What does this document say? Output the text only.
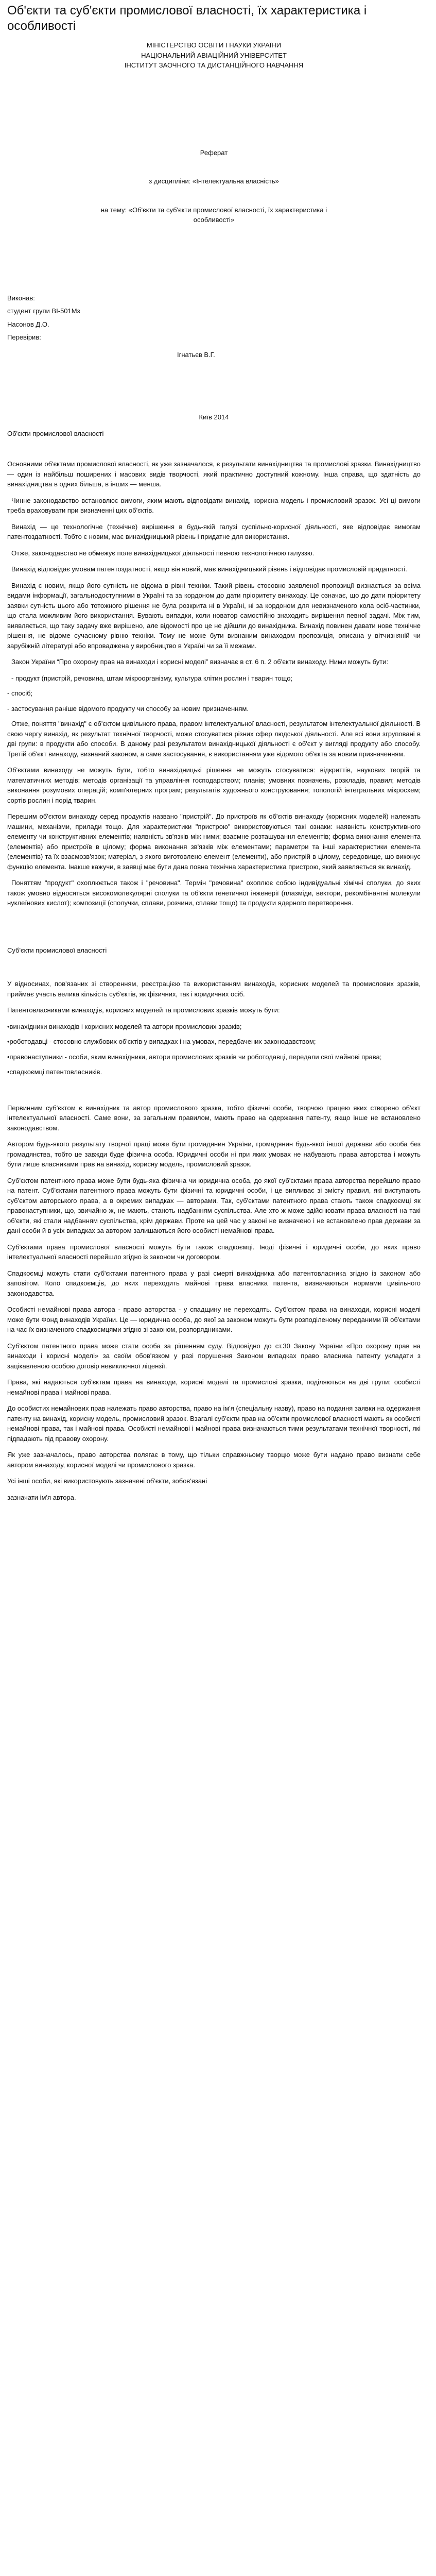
Об'єкти та суб'єкти промислової власності, їх характеристика і особливості

МІНІСТЕРСТВО ОСВІТИ І НАУКИ УКРАЇНИ

НАЦІОНАЛЬНИЙ АВІАЦІЙНИЙ УНІВЕРСИТЕТ

ІНСТИТУТ ЗАОЧНОГО ТА ДИСТАНЦІЙНОГО НАВЧАННЯ

Реферат

з дисципліни: «Інтелектуальна власність»

на тему: «Об'єкти та суб'єкти промислової власності, їх характеристика і особливості»

Виконав:

студент групи ВІ-501Мз

Насонов Д.О.

Перевірив:

Ігнатьєв В.Г.

Київ 2014

Об'єкти промислової власності

Основними об'єктами промислової власності, як уже зазначалося, є результати винахідництва та промислові зразки. Винахідництво — один із найбільш поширених і масових видів творчості, який практично доступний кожному. Інша справа, що здатність до винахідництва в одних більша, в інших — менша.

Чинне законодавство встановлює вимоги, яким мають відповідати винахід, корисна модель і промисловий зразок. Усі ці вимоги треба враховувати при визначенні цих об'єктів.

Винахід — це технологічне (технічне) вирішення в будь-якій галузі суспільно-корисної діяльності, яке відповідає вимогам патентоздатності. Тобто є новим, має винахідницький рівень і придатне для використання.

Отже, законодавство не обмежує поле винахідницької діяльності певною технологічною галуззю.

Винахід відповідає умовам патентоздатності, якщо він новий, має винахідницький рівень і відповідає промисловій придатності.

Винахід є новим, якщо його сутність не відома в рівні техніки. Такий рівень стосовно заявленої пропозиції визнається за всіма видами інформації, загальнодоступними в Україні та за кордоном до дати пріоритету винаходу. Це означає, що до дати пріоритету заявки сутність цього або тотожного рішення не була розкрита ні в Україні, ні за кордоном для невизначеного кола осіб-частинки, що стала можливим його використання. Бувають випадки, коли новатор самостійно знаходить вирішення певної задачі. Між тим, виявляється, що таку задачу вже вирішено, але відомості про це не дійшли до винахідника. Винахід повинен давати нове технічне рішення, не відоме сучасному рівню техніки. Тому не може бути визнаним винаходом пропозиція, описана у вітчизняній чи зарубіжній літературі або впроваджена у виробництво в Україні чи за її межами.

Закон України “Про охорону прав на винаходи і корисні моделі” визначає в ст. 6 п. 2 об'єкти винаходу. Ними можуть бути:

- продукт (пристрій, речовина, штам мікроорганізму, культура клітин рослин і тварин тощо;

- спосіб;

- застосування раніше відомого продукту чи способу за новим призначенням.

Отже, поняття "винахід" є об'єктом цивільного права, правом інтелектуальної власності, результатом інтелектуальної діяльності. В свою чергу винахід, як результат технічної творчості, може стосуватися різних сфер людської діяльності. Але всі вони згруповані в дві групи: в продукти або способи. В даному разі результатом винахідницької діяльності є об'єкт у вигляді продукту або способу. Третій об'єкт винаходу, визнаний законом, а саме застосування, є використанням уже відомого об'єкта за новим призначенням.

Об'єктами винаходу не можуть бути, тобто винахідницькі рішення не можуть стосуватися: відкриттів, наукових теорій та математичних методів; методів організації та управління господарством; планів; умовних позначень, розкладів, правил; методів виконання розумових операцій; комп'ютерних програм; результатів художнього конструювання; топологій інтегральних мікросхем; сортів рослин і порід тварин.

Перешим об'єктом винаходу серед продуктів названо "пристрій". До пристроїв як об'єктів винаходу (корисних моделей) належать машини, механізми, прилади тощо. Для характеристики "пристрою" використовуються такі ознаки: наявність конструктивного елементу чи конструктивних елементів; наявність зв'язків між ними; взаємне розташування елементів; форма виконання елемента (елементів) або пристроїв в цілому; форма виконання зв'язків між елементами; параметри та інші характеристики елемента (елементів) та їх взаємозв'язок; матеріал, з якого виготовлено елемент (елементи), або пристрій в цілому, середовище, що виконує функцію елемента. Інакше кажучи, в заявці має бути дана повна технічна характеристика пристрою, який заявляється як винахід.

Поняттям "продукт" охоплюється також і "речовина". Термін "речовина" охоплює собою індивідуальні хімічні сполуки, до яких також умовно відносяться високомолекулярні сполуки та об'єкти генетичної інженерії (плазміди, вектори, рекомбінантні молекули нуклеїнових кислот); композиції (сполучки, сплави, розчини, сплави тощо) та продукти ядерного перетворення.

Суб'єкти промислової власності

У відносинах, пов'язаних зі створенням, реєстрацією та використанням винаходів, корисних моделей та промислових зразків, приймає участь велика кількість суб'єктів, як фізичних, так і юридичних осіб.

Патентовласниками винаходів, корисних моделей та промислових зразків можуть бути:

•винахідники винаходів і корисних моделей та автори промислових зразків;

•роботодавці - стосовно службових об'єктів у випадках і на умовах, передбачених законодавством;

•правонаступники - особи, яким винахідники, автори промислових зразків чи роботодавці, передали свої майнові права;

•спадкоємці патентовласників.

Первинним суб'єктом є винахідник та автор промислового зразка, тобто фізичні особи, творчою працею яких створено об'єкт інтелектуальної власності. Саме вони, за загальним правилом, мають право на одержання патенту, якщо інше не встановлено законодавством.

Автором будь-якого результату творчої праці може бути громадянин України, громадянин будь-якої іншої держави або особа без громадянства, тобто це завжди буде фізична особа. Юридичні особи ні при яких умовах не набувають права авторства і можуть бути лише власниками прав на винахід, корисну модель, промисловий зразок.

Суб'єктом патентного права може бути будь-яка фізична чи юридична особа, до якої суб'єктами права авторства перейшло право на патент. Суб'єктами патентного права можуть бути фізичні та юридичні особи, і це випливає зі змісту правил, які виступають суб'єктом авторського права, а в окремих випадках — авторами. Так, суб'єктами патентного права стають також спадкоємці як правонаступники, що, звичайно ж, не мають, станоть надбанням суспільства. Але хто ж може здійснювати права власності на такі об'єкти, які стали надбанням суспільства, крім держави. Проте на цей час у законі не визначено і не встановлено прав держави за дані особи й в усіх випадках за автором залишаються його особисті немайнові права.

Суб'єктами права промислової власності можуть бути також спадкоємці. Іноді фізичні і юридичні особи, до яких право інтелектуальної власності перейшло згідно із законом чи договором.

Спадкоємці можуть стати суб'єктами патентного права у разі смерті винахідника або патентовласника згідно із законом або заповітом. Коло спадкоємців, до яких переходить майнові права власника патента, визначаються нормами цивільного законодавства.

Особисті немайнові права автора - право авторства - у спадщину не переходять. Суб'єктом права на винаходи, корисні моделі може бути Фонд винаходів України. Це — юридична особа, до якої за законом можуть бути розподіленому переданими їй об'єктами на час їх визначеного спадкоємцями згідно зі законом, розпорядниками.

Суб'єктом патентного права може стати особа за рішенням суду. Відповідно до ст.30 Закону України «Про охорону прав на винаходи і корисні моделі» за своїм обов'язком у разі порушення Законом випадках право власника патенту укладати з зацікавленою особою договір невиключної ліцензії.

Права, які надаються суб'єктам права на винаходи, корисні моделі та промислові зразки, поділяються на дві групи: особисті немайнові права і майнові права.

До особистих немайнових прав належать право авторства, право на ім'я (спеціальну назву), право на подання заявки на одержання патенту на винахід, корисну модель, промисловий зразок. Взагалі суб'єкти прав на об'єкти промислової власності мають як особисті немайнові права, так і майнові права. Особисті немайнові і майнові права визначаються тими результатами технічної творчості, які підпадають під правову охорону.

Як уже зазначалось, право авторства полягає в тому, що тільки справжньому творцю може бути надано право визнати себе автором винаходу, корисної моделі чи промислового зразка.

Усі інші особи, які використовують зазначені об'єкти, зобов'язані

зазначати ім'я автора.
